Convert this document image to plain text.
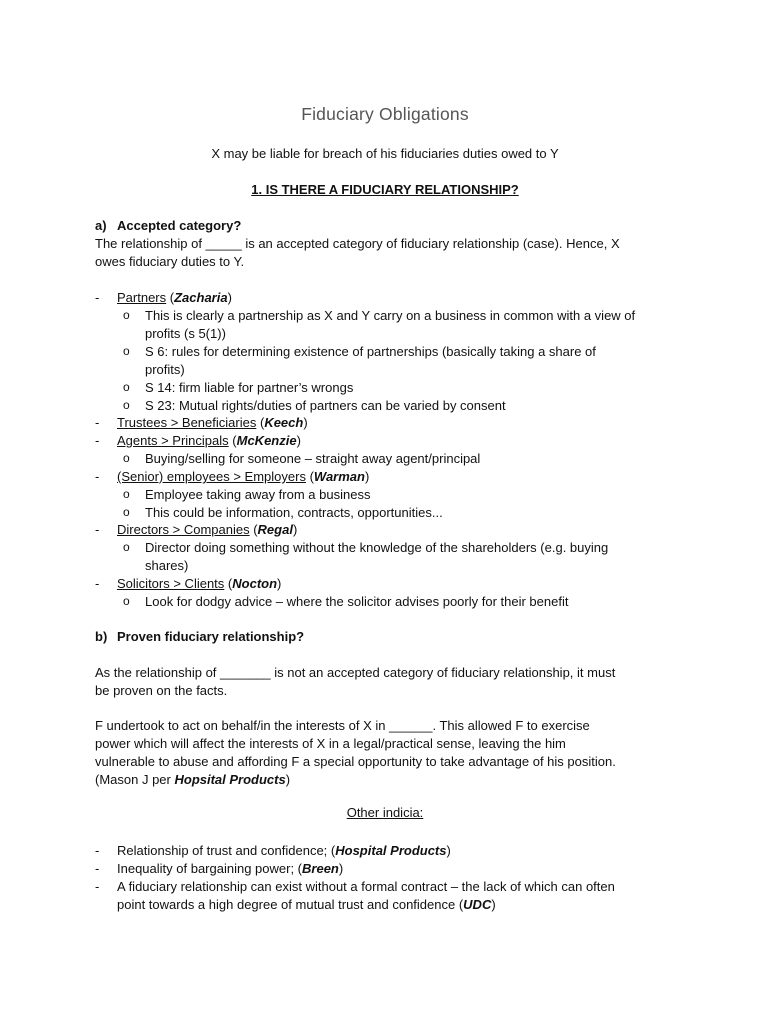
Fiduciary Obligations
X may be liable for breach of his fiduciaries duties owed to Y
1. IS THERE A FIDUCIARY RELATIONSHIP?
a) Accepted category?
The relationship of _____ is an accepted category of fiduciary relationship (case). Hence, X
owes fiduciary duties to Y.
- Partners (Zacharia)
o This is clearly a partnership as X and Y carry on a business in common with a view of
profits (s 5(1))
o S 6: rules for determining existence of partnerships (basically taking a share of
profits)
o S 14: firm liable for partner’s wrongs
o S 23: Mutual rights/duties of partners can be varied by consent
- Trustees > Beneficiaries (Keech)
- Agents > Principals (McKenzie)
o Buying/selling for someone – straight away agent/principal
- (Senior) employees > Employers (Warman)
o Employee taking away from a business
o This could be information, contracts, opportunities...
- Directors > Companies (Regal)
o Director doing something without the knowledge of the shareholders (e.g. buying
shares)
- Solicitors > Clients (Nocton)
o Look for dodgy advice – where the solicitor advises poorly for their benefit
b) Proven fiduciary relationship?
As the relationship of _______ is not an accepted category of fiduciary relationship, it must
be proven on the facts.
F undertook to act on behalf/in the interests of X in ______. This allowed F to exercise
power which will affect the interests of X in a legal/practical sense, leaving the him
vulnerable to abuse and affording F a special opportunity to take advantage of his position.
(Mason J per Hopsital Products)
Other indicia:
- Relationship of trust and confidence; (Hospital Products)
- Inequality of bargaining power; (Breen)
- A fiduciary relationship can exist without a formal contract – the lack of which can often
point towards a high degree of mutual trust and confidence (UDC)
